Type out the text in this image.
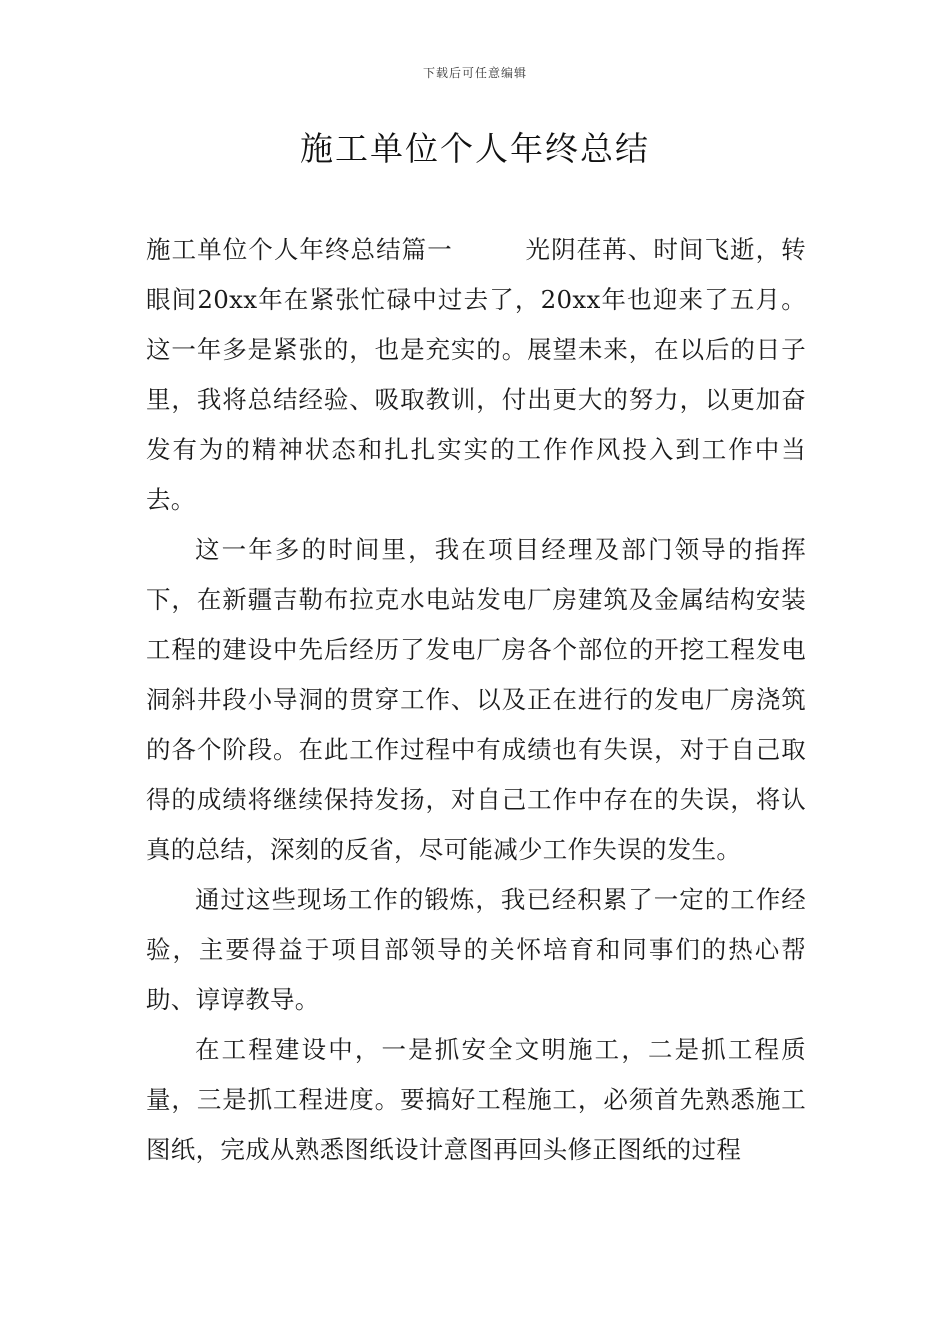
下载后可任意编辑
施工单位个人年终总结

施工单位个人年终总结篇一	光阴荏苒、时间飞逝，转眼间20xx年在紧张忙碌中过去了，20xx年也迎来了五月。这一年多是紧张的，也是充实的。展望未来，在以后的日子里，我将总结经验、吸取教训，付出更大的努力，以更加奋发有为的精神状态和扎扎实实的工作作风投入到工作中当去。

这一年多的时间里，我在项目经理及部门领导的指挥下，在新疆吉勒布拉克水电站发电厂房建筑及金属结构安装工程的建设中先后经历了发电厂房各个部位的开挖工程发电洞斜井段小导洞的贯穿工作、以及正在进行的发电厂房浇筑的各个阶段。在此工作过程中有成绩也有失误，对于自己取得的成绩将继续保持发扬，对自己工作中存在的失误，将认真的总结，深刻的反省，尽可能减少工作失误的发生。

通过这些现场工作的锻炼，我已经积累了一定的工作经验，主要得益于项目部领导的关怀培育和同事们的热心帮助、谆谆教导。

在工程建设中，一是抓安全文明施工，二是抓工程质量，三是抓工程进度。要搞好工程施工，必须首先熟悉施工图纸，完成从熟悉图纸设计意图再回头修正图纸的过程
